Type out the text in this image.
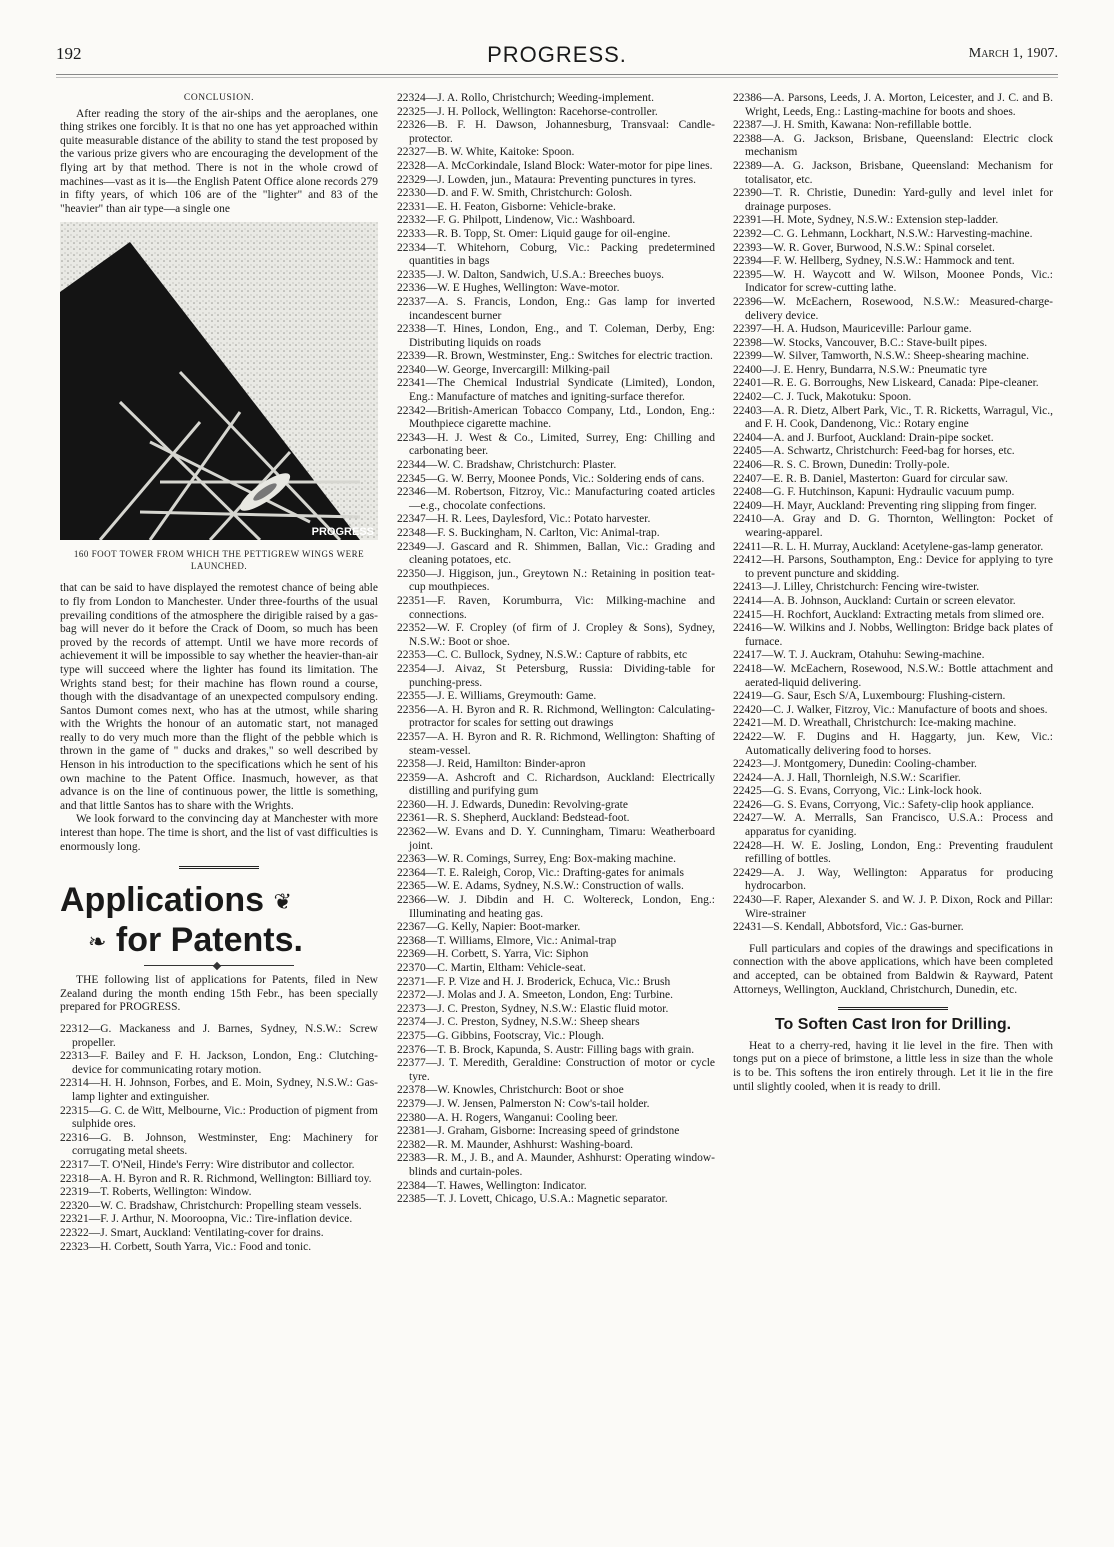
192	PROGRESS.	March 1, 1907.
CONCLUSION.

After reading the story of the air-ships and the aeroplanes, one thing strikes one forcibly. It is that no one has yet approached within quite measurable distance of the ability to stand the test proposed by the various prize givers who are encouraging the development of the flying art by that method. There is not in the whole crowd of machines—vast as it is—the English Patent Office alone records 279 in fifty years, of which 106 are of the "lighter" and 83 of the "heavier" than air type—a single one

PROGRESS
160 FOOT TOWER FROM WHICH THE PETTIGREW WINGS WERE LAUNCHED.

that can be said to have displayed the remotest chance of being able to fly from London to Manchester. Under three-fourths of the usual prevailing conditions of the atmosphere the dirigible raised by a gas-bag will never do it before the Crack of Doom, so much has been proved by the records of attempt. Until we have more records of achievement it will be impossible to say whether the heavier-than-air type will succeed where the lighter has found its limitation. The Wrights stand best; for their machine has flown round a course, though with the disadvantage of an unexpected compulsory ending. Santos Dumont comes next, who has at the utmost, while sharing with the Wrights the honour of an automatic start, not managed really to do very much more than the flight of the pebble which is thrown in the game of " ducks and drakes," so well described by Henson in his introduction to the specifications which he sent of his own machine to the Patent Office. Inasmuch, however, as that advance is on the line of continuous power, the little is something, and that little Santos has to share with the Wrights.

We look forward to the convincing day at Manchester with more interest than hope. The time is short, and the list of vast difficulties is enormously long.

Applications ❦
❧ for Patents.

THE following list of applications for Patents, filed in New Zealand during the month ending 15th Febr., has been specially prepared for PROGRESS.

22312—G. Mackaness and J. Barnes, Sydney, N.S.W.: Screw propeller.

22313—F. Bailey and F. H. Jackson, London, Eng.: Clutching-device for communicating rotary motion.

22314—H. H. Johnson, Forbes, and E. Moin, Sydney, N.S.W.: Gas-lamp lighter and extinguisher.

22315—G. C. de Witt, Melbourne, Vic.: Production of pigment from sulphide ores.

22316—G. B. Johnson, Westminster, Eng: Machinery for corrugating metal sheets.

22317—T. O'Neil, Hinde's Ferry: Wire distributor and collector.

22318—A. H. Byron and R. R. Richmond, Wellington: Billiard toy.

22319—T. Roberts, Wellington: Window.

22320—W. C. Bradshaw, Christchurch: Propelling steam vessels.

22321—F. J. Arthur, N. Mooroopna, Vic.: Tire-inflation device.

22322—J. Smart, Auckland: Ventilating-cover for drains.

22323—H. Corbett, South Yarra, Vic.: Food and tonic.

22324—J. A. Rollo, Christchurch; Weeding-implement.

22325—J. H. Pollock, Wellington: Racehorse-controller.

22326—B. F. H. Dawson, Johannesburg, Transvaal: Candle-protector.

22327—B. W. White, Kaitoke: Spoon.

22328—A. McCorkindale, Island Block: Water-motor for pipe lines.

22329—J. Lowden, jun., Mataura: Preventing punctures in tyres.

22330—D. and F. W. Smith, Christchurch: Golosh.

22331—E. H. Featon, Gisborne: Vehicle-brake.

22332—F. G. Philpott, Lindenow, Vic.: Washboard.

22333—R. B. Topp, St. Omer: Liquid gauge for oil-engine.

22334—T. Whitehorn, Coburg, Vic.: Packing predetermined quantities in bags

22335—J. W. Dalton, Sandwich, U.S.A.: Breeches buoys.

22336—W. E Hughes, Wellington: Wave-motor.

22337—A. S. Francis, London, Eng.: Gas lamp for inverted incandescent burner

22338—T. Hines, London, Eng., and T. Coleman, Derby, Eng: Distributing liquids on roads

22339—R. Brown, Westminster, Eng.: Switches for electric traction.

22340—W. George, Invercargill: Milking-pail

22341—The Chemical Industrial Syndicate (Limited), London, Eng.: Manufacture of matches and igniting-surface therefor.

22342—British-American Tobacco Company, Ltd., London, Eng.: Mouthpiece cigarette machine.

22343—H. J. West & Co., Limited, Surrey, Eng: Chilling and carbonating beer.

22344—W. C. Bradshaw, Christchurch: Plaster.

22345—G. W. Berry, Moonee Ponds, Vic.: Soldering ends of cans.

22346—M. Robertson, Fitzroy, Vic.: Manufacturing coated articles—e.g., chocolate confections.

22347—H. R. Lees, Daylesford, Vic.: Potato harvester.

22348—F. S. Buckingham, N. Carlton, Vic: Animal-trap.

22349—J. Gascard and R. Shimmen, Ballan, Vic.: Grading and cleaning potatoes, etc.

22350—J. Higgison, jun., Greytown N.: Retaining in position teat-cup mouthpieces.

22351—F. Raven, Korumburra, Vic: Milking-machine and connections.

22352—W. F. Cropley (of firm of J. Cropley & Sons), Sydney, N.S.W.: Boot or shoe.

22353—C. C. Bullock, Sydney, N.S.W.: Capture of rabbits, etc

22354—J. Aivaz, St Petersburg, Russia: Dividing-table for punching-press.

22355—J. E. Williams, Greymouth: Game.

22356—A. H. Byron and R. R. Richmond, Wellington: Calculating-protractor for scales for setting out drawings

22357—A. H. Byron and R. R. Richmond, Wellington: Shafting of steam-vessel.

22358—J. Reid, Hamilton: Binder-apron

22359—A. Ashcroft and C. Richardson, Auckland: Electrically distilling and purifying gum

22360—H. J. Edwards, Dunedin: Revolving-grate

22361—R. S. Shepherd, Auckland: Bedstead-foot.

22362—W. Evans and D. Y. Cunningham, Timaru: Weatherboard joint.

22363—W. R. Comings, Surrey, Eng: Box-making machine.

22364—T. E. Raleigh, Corop, Vic.: Drafting-gates for animals

22365—W. E. Adams, Sydney, N.S.W.: Construction of walls.

22366—W. J. Dibdin and H. C. Woltereck, London, Eng.: Illuminating and heating gas.

22367—G. Kelly, Napier: Boot-marker.

22368—T. Williams, Elmore, Vic.: Animal-trap

22369—H. Corbett, S. Yarra, Vic: Siphon

22370—C. Martin, Eltham: Vehicle-seat.

22371—F. P. Vize and H. J. Broderick, Echuca, Vic.: Brush

22372—J. Molas and J. A. Smeeton, London, Eng: Turbine.

22373—J. C. Preston, Sydney, N.S.W.: Elastic fluid motor.

22374—J. C. Preston, Sydney, N.S.W.: Sheep shears

22375—G. Gibbins, Footscray, Vic.: Plough.

22376—T. B. Brock, Kapunda, S. Austr: Filling bags with grain.

22377—J. T. Meredith, Geraldine: Construction of motor or cycle tyre.

22378—W. Knowles, Christchurch: Boot or shoe

22379—J. W. Jensen, Palmerston N: Cow's-tail holder.

22380—A. H. Rogers, Wanganui: Cooling beer.

22381—J. Graham, Gisborne: Increasing speed of grindstone

22382—R. M. Maunder, Ashhurst: Washing-board.

22383—R. M., J. B., and A. Maunder, Ashhurst: Operating window-blinds and curtain-poles.

22384—T. Hawes, Wellington: Indicator.

22385—T. J. Lovett, Chicago, U.S.A.: Magnetic separator.

22386—A. Parsons, Leeds, J. A. Morton, Leicester, and J. C. and B. Wright, Leeds, Eng.: Lasting-machine for boots and shoes.

22387—J. H. Smith, Kawana: Non-refillable bottle.

22388—A. G. Jackson, Brisbane, Queensland: Electric clock mechanism

22389—A. G. Jackson, Brisbane, Queensland: Mechanism for totalisator, etc.

22390—T. R. Christie, Dunedin: Yard-gully and level inlet for drainage purposes.

22391—H. Mote, Sydney, N.S.W.: Extension step-ladder.

22392—C. G. Lehmann, Lockhart, N.S.W.: Harvesting-machine.

22393—W. R. Gover, Burwood, N.S.W.: Spinal corselet.

22394—F. W. Hellberg, Sydney, N.S.W.: Hammock and tent.

22395—W. H. Waycott and W. Wilson, Moonee Ponds, Vic.: Indicator for screw-cutting lathe.

22396—W. McEachern, Rosewood, N.S.W.: Measured-charge-delivery device.

22397—H. A. Hudson, Mauriceville: Parlour game.

22398—W. Stocks, Vancouver, B.C.: Stave-built pipes.

22399—W. Silver, Tamworth, N.S.W.: Sheep-shearing machine.

22400—J. E. Henry, Bundarra, N.S.W.: Pneumatic tyre

22401—R. E. G. Borroughs, New Liskeard, Canada: Pipe-cleaner.

22402—C. J. Tuck, Makotuku: Spoon.

22403—A. R. Dietz, Albert Park, Vic., T. R. Ricketts, Warragul, Vic., and F. H. Cook, Dandenong, Vic.: Rotary engine

22404—A. and J. Burfoot, Auckland: Drain-pipe socket.

22405—A. Schwartz, Christchurch: Feed-bag for horses, etc.

22406—R. S. C. Brown, Dunedin: Trolly-pole.

22407—E. R. B. Daniel, Masterton: Guard for circular saw.

22408—G. F. Hutchinson, Kapuni: Hydraulic vacuum pump.

22409—H. Mayr, Auckland: Preventing ring slipping from finger.

22410—A. Gray and D. G. Thornton, Wellington: Pocket of wearing-apparel.

22411—R. L. H. Murray, Auckland: Acetylene-gas-lamp generator.

22412—H. Parsons, Southampton, Eng.: Device for applying to tyre to prevent puncture and skidding.

22413—J. Lilley, Christchurch: Fencing wire-twister.

22414—A. B. Johnson, Auckland: Curtain or screen elevator.

22415—H. Rochfort, Auckland: Extracting metals from slimed ore.

22416—W. Wilkins and J. Nobbs, Wellington: Bridge back plates of furnace.

22417—W. T. J. Auckram, Otahuhu: Sewing-machine.

22418—W. McEachern, Rosewood, N.S.W.: Bottle attachment and aerated-liquid delivering.

22419—G. Saur, Esch S/A, Luxembourg: Flushing-cistern.

22420—C. J. Walker, Fitzroy, Vic.: Manufacture of boots and shoes.

22421—M. D. Wreathall, Christchurch: Ice-making machine.

22422—W. F. Dugins and H. Haggarty, jun. Kew, Vic.: Automatically delivering food to horses.

22423—J. Montgomery, Dunedin: Cooling-chamber.

22424—A. J. Hall, Thornleigh, N.S.W.: Scarifier.

22425—G. S. Evans, Corryong, Vic.: Link-lock hook.

22426—G. S. Evans, Corryong, Vic.: Safety-clip hook appliance.

22427—W. A. Merralls, San Francisco, U.S.A.: Process and apparatus for cyaniding.

22428—H. W. E. Josling, London, Eng.: Preventing fraudulent refilling of bottles.

22429—A. J. Way, Wellington: Apparatus for producing hydrocarbon.

22430—F. Raper, Alexander S. and W. J. P. Dixon, Rock and Pillar: Wire-strainer

22431—S. Kendall, Abbotsford, Vic.: Gas-burner.

Full particulars and copies of the drawings and specifications in connection with the above applications, which have been completed and accepted, can be obtained from Baldwin & Rayward, Patent Attorneys, Wellington, Auckland, Christchurch, Dunedin, etc.

To Soften Cast Iron for Drilling.

Heat to a cherry-red, having it lie level in the fire. Then with tongs put on a piece of brimstone, a little less in size than the whole is to be. This softens the iron entirely through. Let it lie in the fire until slightly cooled, when it is ready to drill.
